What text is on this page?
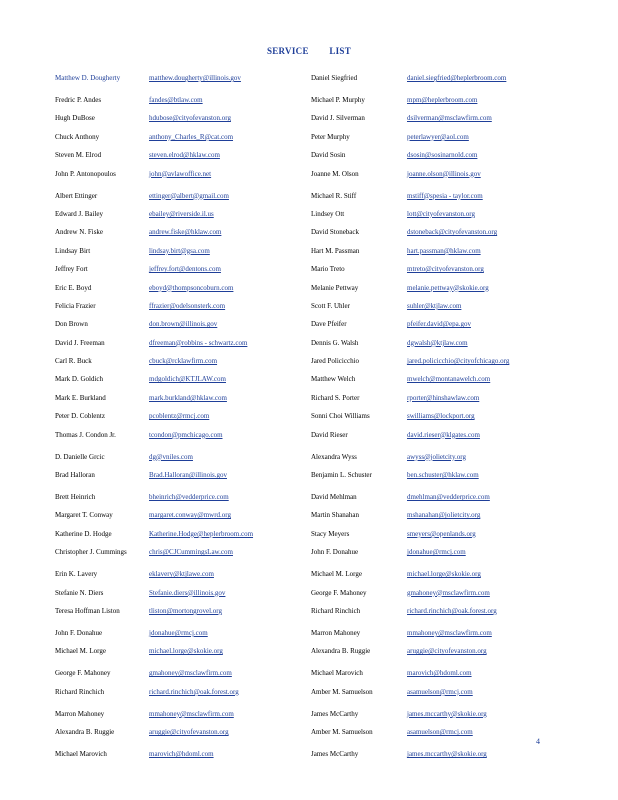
SERVICE LIST
Matthew D. Dougherty	matthew.dougherty@illinois.gov	Daniel Siegfried	daniel.siegfried@heplerbroom.com
Fredric P. Andes	fandes@btlaw.com	Michael P. Murphy	mpm@heplerbroom.com
Hugh DuBose	hdubose@cityofevanston.org	David J. Silverman	dsilverman@msclawfirm.com
Chuck Anthony	anthony_Charles_R@cat.com	Peter Murphy	peterlawyer@aol.com
Steven M. Elrod	steven.elrod@hklaw.com	David Sosin	dsosin@sosinarnold.com
John P. Antonopoulos	john@avlawoffice.net	Joanne M. Olson	joanne.olson@illinois.gov
Albert Ettinger	ettinger@albert@gmail.com	Michael R. Stiff	mstiff@spesia - taylor.com
Edward J. Bailey	ebailey@riverside.il.us	Lindsey Ott	lott@cityofevanston.org
Andrew N. Fiske	andrew.fiske@hklaw.com	David Stoneback	dstoneback@cityofevanston.org
Lindsay Birt	lindsay.birt@gsa.com	Hart M. Passman	hart.passman@hklaw.com
Jeffrey Fort	jeffrey.fort@dentons.com	Mario Treto	mtreto@cityofevanston.org
Eric E. Boyd	eboyd@thompsoncoburn.com	Melanie Pettway	melanie.pettway@skokie.org
Felicia Frazier	ffrazier@odelsonsterk.com	Scott F. Uhler	suhler@ktjlaw.com
Don Brown	don.brown@illinois.gov	Dave Pfeifer	pfeifer.david@epa.gov
David J. Freeman	dfreeman@robbins - schwartz.com	Dennis G. Walsh	dgwalsh@ktjlaw.com
Carl R. Buck	cbuck@rcklawfirm.com	Jared Policicchio	jared.policicchio@cityofchicago.org
Mark D. Goldich	mdgoldich@KTJLAW.com	Matthew Welch	mwelch@montanawelch.com
Mark E. Burkland	mark.burkland@hklaw.com	Richard S. Porter	rporter@hinshawlaw.com
Peter D. Coblentz	pcoblentz@rmcj.com	Sonni Choi Williams	swilliams@lockport.org
Thomas J. Condon Jr.	tcondon@pmchicago.com	David Rieser	david.rieser@klgates.com
D. Danielle Grcic	dg@vniles.com	Alexandra Wyss	awyss@jolietcity.org
Brad Halloran	Brad.Halloran@illinois.gov	Benjamin L. Schuster	ben.schuster@hklaw.com
Brett Heinrich	bheinrich@vedderprice.com	David Mehlman	dmehlman@vedderprice.com
Margaret T. Conway	margaret.conway@mwrd.org	Martin Shanahan	mshanahan@jolietcity.org
Katherine D. Hodge	Katherine.Hodge@heplerbroom.com	Stacy Meyers	smeyers@openlands.org
Christopher J. Cummings	chris@CJCummingsLaw.com	John F. Donahue	jdonahue@rmcj.com
Erin K. Lavery	eklavery@ktjlawe.com	Michael M. Lorge	michael.lorge@skokie.org
Stefanie N. Diers	Stefanie.diers@illinois.gov	George F. Mahoney	gmahoney@msclawfirm.com
Teresa Hoffman Liston	tliston@mortongrovel.org	Richard Rinchich	richard.rinchich@oak.forest.org
John F. Donahue	jdonahue@rmcj.com	Marron Mahoney	mmahoney@msclawfirm.com
Michael M. Lorge	michael.lorge@skokie.org	Alexandra B. Ruggie	aruggie@cityofevanston.org
George F. Mahoney	gmahoney@msclawfirm.com	Michael Marovich	marovich@hdoml.com
Richard Rinchich	richard.rinchich@oak.forest.org	Amber M. Samuelson	asamuelson@rmcj.com
Marron Mahoney	mmahoney@msclawfirm.com	James McCarthy	james.mccarthy@skokie.org
Alexandra B. Ruggie	aruggie@cityofevanston.org	Amber M. Samuelson	asamuelson@rmcj.com
Michael Marovich	marovich@hdoml.com	James McCarthy	james.mccarthy@skokie.org
4
